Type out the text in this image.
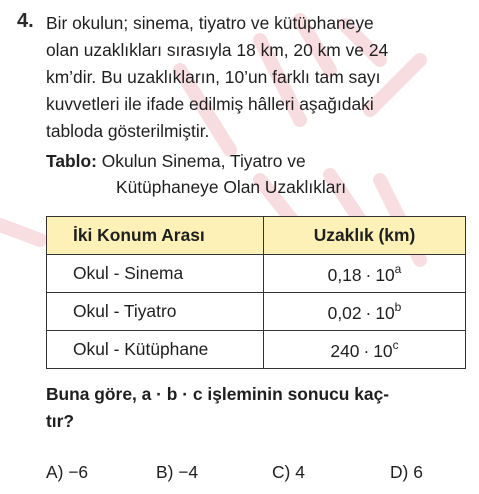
4. Bir okulun; sinema, tiyatro ve kütüphaneye
olan uzaklıkları sırasıyla 18 km, 20 km ve 24
km’dir. Bu uzaklıkların, 10’un farklı tam sayı
kuvvetleri ile ifade edilmiş hâlleri aşağıdaki
tabloda gösterilmiştir.
Tablo: Okulun Sinema, Tiyatro ve
Kütüphaneye Olan Uzaklıkları
İki Konum Arası	Uzaklık (km)
Okul - Sinema	$0,18 \cdot 10^a$
Okul - Tiyatro	$0,02 \cdot 10^b$
Okul - Kütüphane	$240 \cdot 10^c$
Buna göre, a · b · c işleminin sonucu kaç-
tır?
A) −6	B) −4	C) 4	D) 6
